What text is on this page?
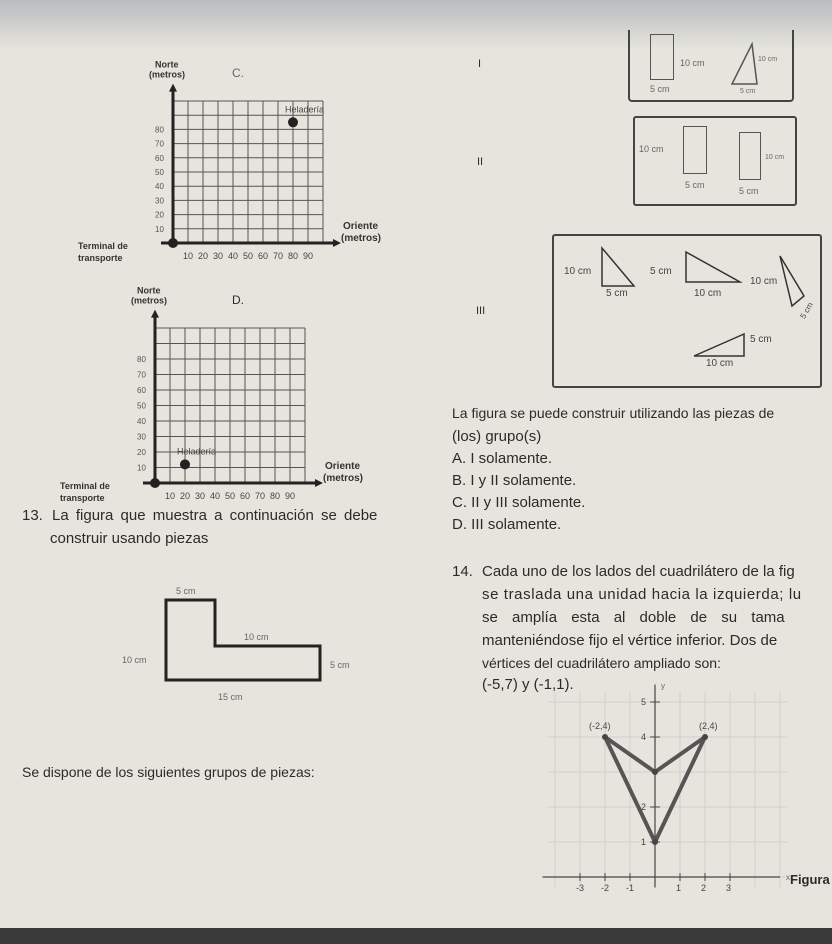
C.
10 20 30 40 50 60 70 80 90
10
20
30
40
50
60
70
80
Heladería
Norte
(metros)
Oriente
(metros)
Terminal de
transporte
D.
10 20 30 40 50 60 70 80 90
10
20
30
40
50
60
70
80
Heladería
Norte
(metros)
Oriente
(metros)
Terminal de
transporte
I	10 cm
5 cm
10 cm
5 cm
II
10 cm
5 cm
10 cm
5 cm
III
10 cm
5 cm
5 cm
10 cm
10 cm
5 cm
5 cm
10 cm
La figura se puede construir utilizando las piezas de
(los) grupo(s)
A. I solamente.
B. I y II solamente.
C. II y III solamente.
D. III solamente.
13. La figura que muestra a continuación se debe
construir usando piezas
5 cm
10 cm
10 cm	5 cm
15 cm
Se dispone de los siguientes grupos de piezas:
14. Cada uno de los lados del cuadrilátero de la fig
se traslada una unidad hacia la izquierda; lu
se amplía esta al doble de su tama
manteniéndose fijo el vértice inferior. Dos de
vértices del cuadrilátero ampliado son:
(-5,7) y (-1,1).	y
x
1
2
4
5
-3 -2 -1	1 2 3
(-2,4)	(2,4)
Figura
